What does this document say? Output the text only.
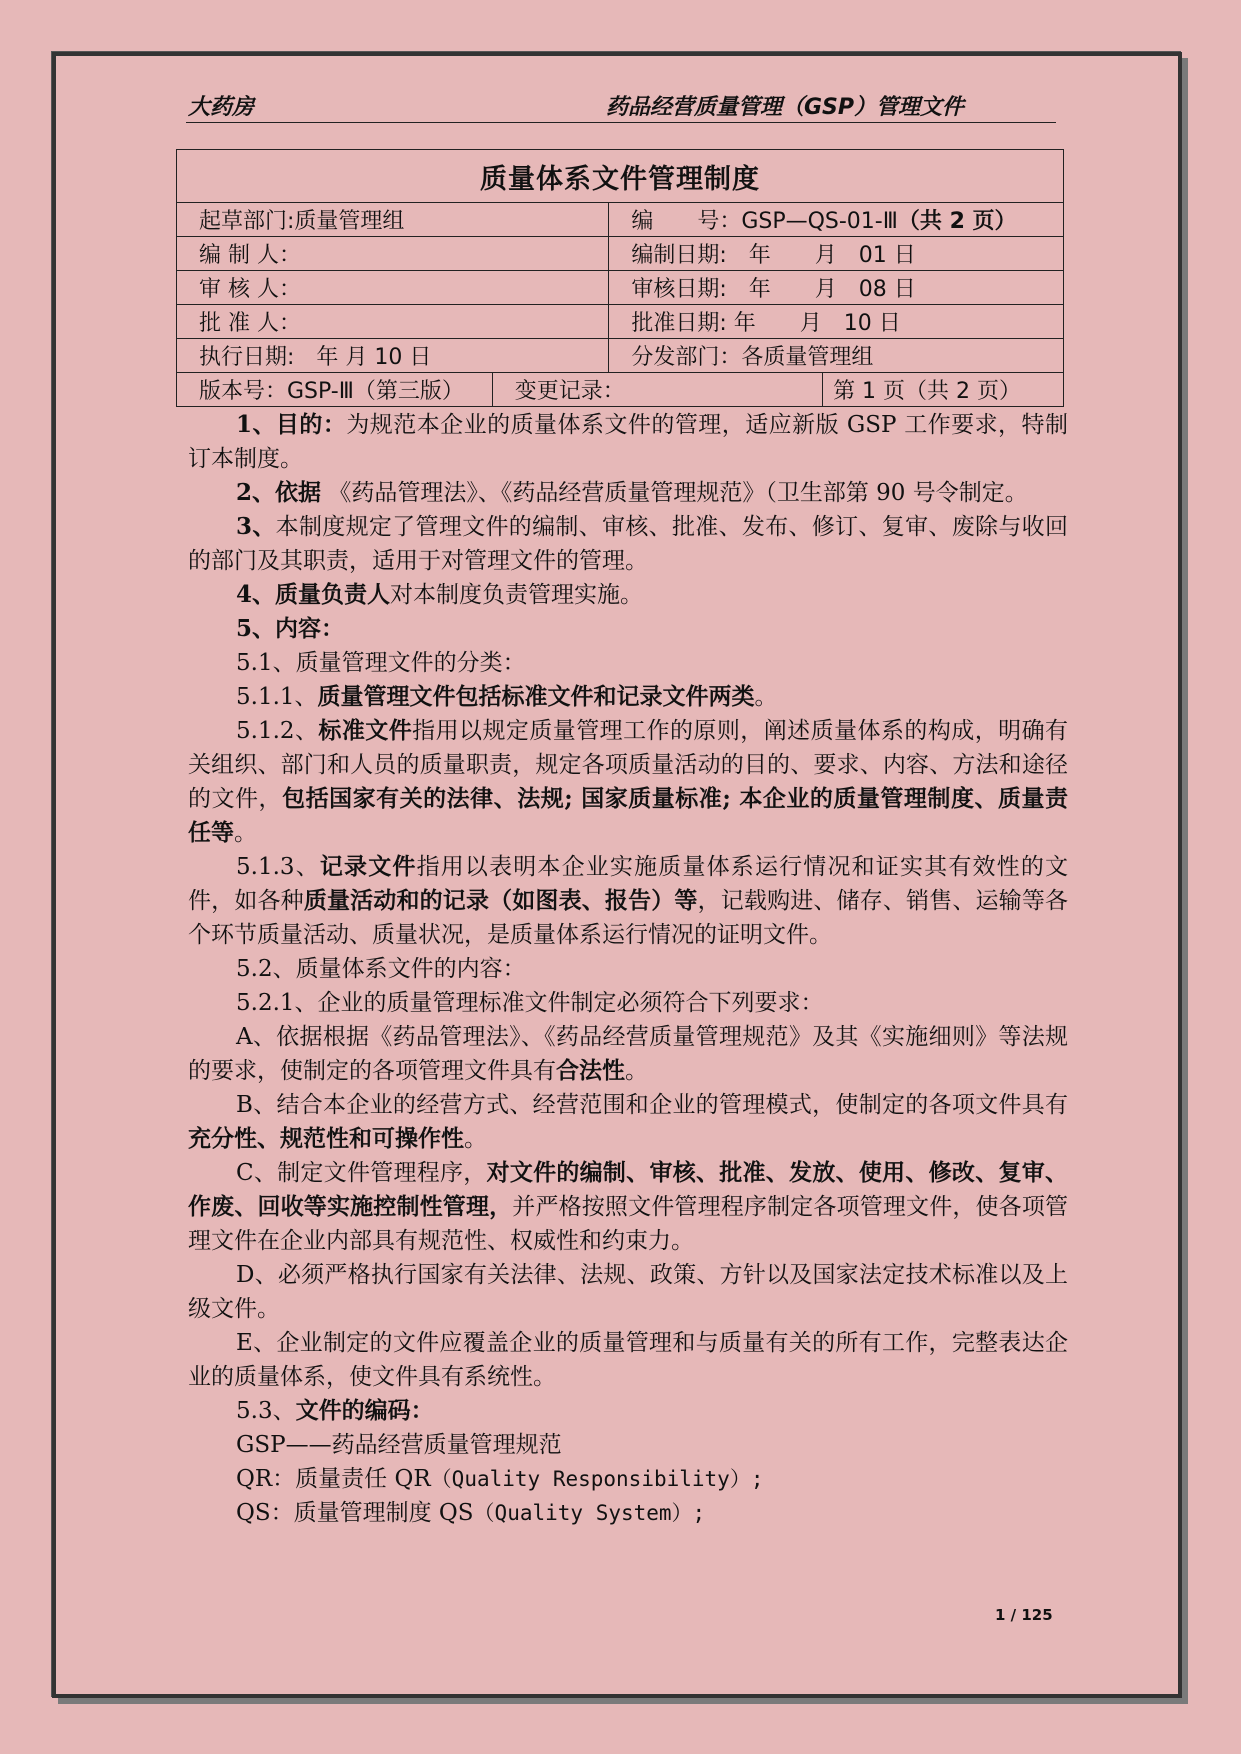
大药房	药品经营质量管理（GSP）管理文件
质量体系文件管理制度			
起草部门:质量管理组		编　　号：GSP—QS-01-Ⅲ（共 2 页）	
编 制 人：		编制日期:　年　　月　01 日	
审 核 人：		审核日期:　年　　月　08 日	
批 准 人：		批准日期: 年　　月　10 日	
执行日期:　年 月 10 日		分发部门：各质量管理组	
版本号：GSP-Ⅲ（第三版）	变更记录：		第 1 页（共 2 页）

1、目的：为规范本企业的质量体系文件的管理，适应新版 GSP 工作要求，特制订本制度。

2、依据 《药品管理法》、《药品经营质量管理规范》（卫生部第 90 号令制定。

3、本制度规定了管理文件的编制、审核、批准、发布、修订、复审、废除与收回的部门及其职责，适用于对管理文件的管理。

4、质量负责人对本制度负责管理实施。

5、内容：

5.1、质量管理文件的分类：

5.1.1、质量管理文件包括标准文件和记录文件两类。

5.1.2、标准文件指用以规定质量管理工作的原则，阐述质量体系的构成，明确有关组织、部门和人员的质量职责，规定各项质量活动的目的、要求、内容、方法和途径的文件，包括国家有关的法律、法规; 国家质量标准; 本企业的质量管理制度、质量责任等。

5.1.3、记录文件指用以表明本企业实施质量体系运行情况和证实其有效性的文件，如各种质量活动和的记录（如图表、报告）等，记载购进、储存、销售、运输等各个环节质量活动、质量状况，是质量体系运行情况的证明文件。

5.2、质量体系文件的内容：

5.2.1、企业的质量管理标准文件制定必须符合下列要求：

A、依据根据《药品管理法》、《药品经营质量管理规范》及其《实施细则》等法规的要求，使制定的各项管理文件具有合法性。

B、结合本企业的经营方式、经营范围和企业的管理模式，使制定的各项文件具有充分性、规范性和可操作性。

C、制定文件管理程序，对文件的编制、审核、批准、发放、使用、修改、复审、作废、回收等实施控制性管理，并严格按照文件管理程序制定各项管理文件，使各项管理文件在企业内部具有规范性、权威性和约束力。

D、必须严格执行国家有关法律、法规、政策、方针以及国家法定技术标准以及上级文件。

E、企业制定的文件应覆盖企业的质量管理和与质量有关的所有工作，完整表达企业的质量体系，使文件具有系统性。

5.3、文件的编码：

GSP——药品经营质量管理规范

QR：质量责任 QR（Quality Responsibility）;

QS：质量管理制度 QS（Quality System）;

1 / 125
